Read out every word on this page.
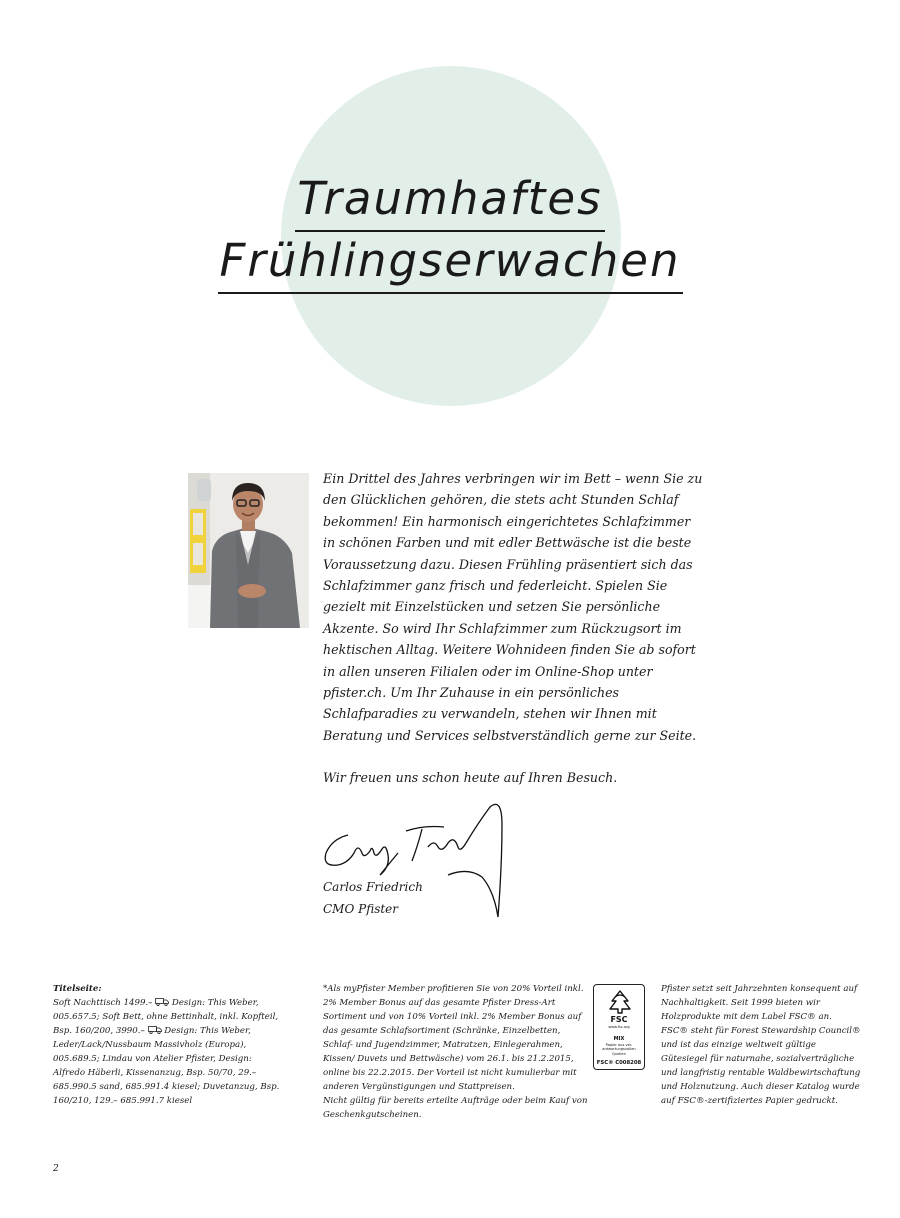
Traumhaftes
Frühlingserwachen

Ein Drittel des Jahres verbringen wir im Bett – wenn Sie zu den Glücklichen gehören, die stets acht Stunden Schlaf bekommen! Ein harmonisch eingerichtetes Schlafzimmer in schönen Farben und mit edler Bettwäsche ist die beste Voraussetzung dazu. Diesen Frühling präsentiert sich das Schlafzimmer ganz frisch und federleicht. Spielen Sie gezielt mit Einzelstücken und setzen Sie persönliche Akzente. So wird Ihr Schlafzimmer zum Rückzugsort im hektischen Alltag. Weitere Wohnideen finden Sie ab sofort in allen unseren Filialen oder im Online-Shop unter pfister.ch. Um Ihr Zuhause in ein persönliches Schlafparadies zu verwandeln, stehen wir Ihnen mit Beratung und Services selbstverständlich gerne zur Seite.

Wir freuen uns schon heute auf Ihren Besuch.

Carlos Friedrich
CMO Pfister
Titelseite:
Soft Nachttisch 1499.–  Design: This Weber, 005.657.5; Soft Bett, ohne Bettinhalt, inkl. Kopfteil, Bsp. 160/200, 3990.–  Design: This Weber, Leder/Lack/Nussbaum Massivholz (Europa), 005.689.5; Lindau von Atelier Pfister, Design: Alfredo Häberli, Kissenanzug, Bsp. 50/70, 29.– 685.990.5 sand, 685.991.4 kiesel; Duvetanzug, Bsp. 160/210, 129.– 685.991.7 kiesel
*Als myPfister Member profitieren Sie von 20% Vorteil inkl. 2% Member Bonus auf das gesamte Pfister Dress-Art Sortiment und von 10% Vorteil inkl. 2% Member Bonus auf das gesamte Schlafsortiment (Schränke, Einzelbetten, Schlaf- und Jugendzimmer, Matratzen, Einlegerahmen, Kissen/ Duvets und Bettwäsche) vom 26.1. bis 21.2.2015, online bis 22.2.2015. Der Vorteil ist nicht kumulierbar mit anderen Vergünstigungen und Stattpreisen.
Nicht gültig für bereits erteilte Aufträge oder beim Kauf von Geschenkgutscheinen.
FSC
www.fsc.org
MIX
Papier aus ver- antwortungsvollen Quellen
FSC® C008208
Pfister setzt seit Jahrzehnten konsequent auf Nachhaltigkeit. Seit 1999 bieten wir Holzprodukte mit dem Label FSC® an. FSC® steht für Forest Stewardship Council® und ist das einzige weltweit gültige Gütesiegel für naturnahe, sozialverträgliche und langfristig rentable Waldbewirtschaftung und Holznutzung. Auch dieser Katalog wurde auf FSC®-zertifiziertes Papier gedruckt.
2
